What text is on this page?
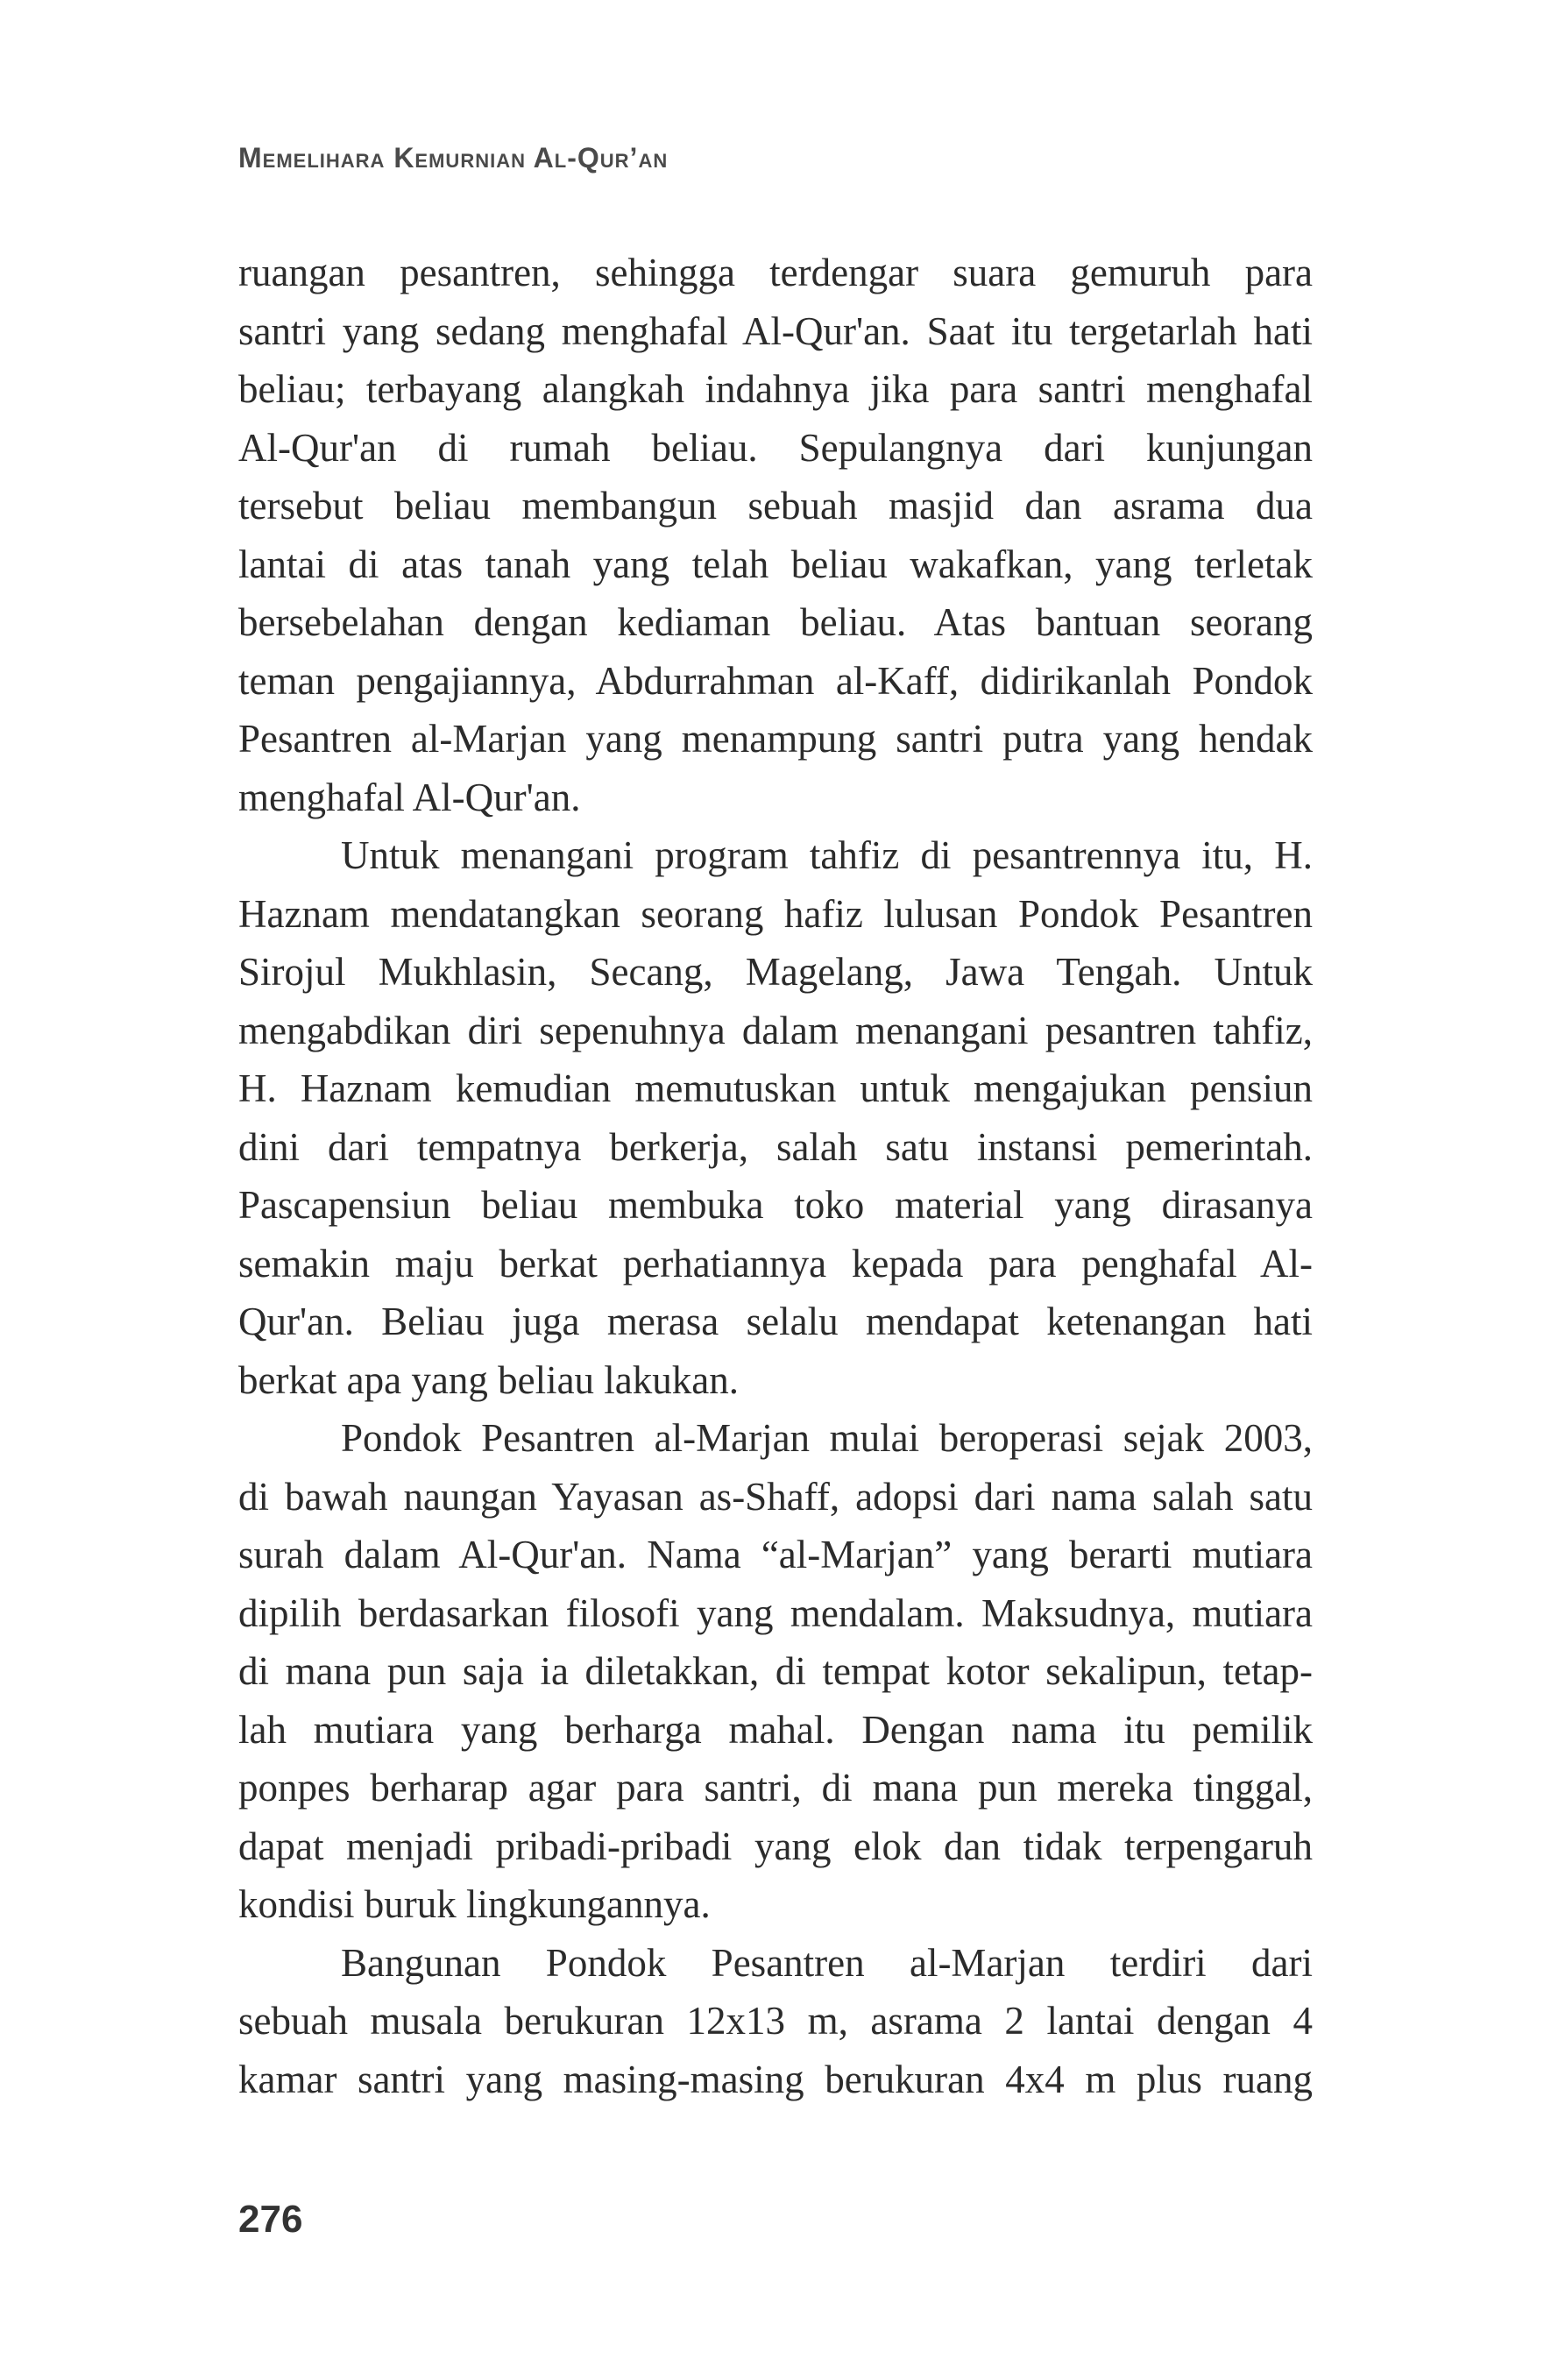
Memelihara Kemurnian Al-Qur’an
ruangan pesantren, sehingga terdengar suara gemuruh para
santri yang sedang menghafal Al-Qur'an. Saat itu tergetarlah hati
beliau; terbayang alangkah indahnya jika para santri menghafal
Al-Qur'an di rumah beliau. Sepulangnya dari kunjungan
tersebut beliau membangun sebuah masjid dan asrama dua
lantai di atas tanah yang telah beliau wakafkan, yang terletak
bersebelahan dengan kediaman beliau. Atas bantuan seorang
teman pengajiannya, Abdurrahman al-Kaff, didirikanlah Pondok
Pesantren al-Marjan yang menampung santri putra yang hendak
menghafal Al-Qur'an.
Untuk menangani program tahfiz di pesantrennya itu, H.
Haznam mendatangkan seorang hafiz lulusan Pondok Pesantren
Sirojul Mukhlasin, Secang, Magelang, Jawa Tengah. Untuk
mengabdikan diri sepenuhnya dalam menangani pesantren tahfiz,
H. Haznam kemudian memutuskan untuk mengajukan pensiun
dini dari tempatnya berkerja, salah satu instansi pemerintah.
Pascapensiun beliau membuka toko material yang dirasanya
semakin maju berkat perhatiannya kepada para penghafal Al-
Qur'an. Beliau juga merasa selalu mendapat ketenangan hati
berkat apa yang beliau lakukan.
Pondok Pesantren al-Marjan mulai beroperasi sejak 2003,
di bawah naungan Yayasan as-Shaff, adopsi dari nama salah satu
surah dalam Al-Qur'an. Nama “al-Marjan” yang berarti mutiara
dipilih berdasarkan filosofi yang mendalam. Maksudnya, mutiara
di mana pun saja ia diletakkan, di tempat kotor sekalipun, tetap-
lah mutiara yang berharga mahal. Dengan nama itu pemilik
ponpes berharap agar para santri, di mana pun mereka tinggal,
dapat menjadi pribadi-pribadi yang elok dan tidak terpengaruh
kondisi buruk lingkungannya.
Bangunan Pondok Pesantren al-Marjan terdiri dari
sebuah musala berukuran 12x13 m, asrama 2 lantai dengan 4
kamar santri yang masing-masing berukuran 4x4 m plus ruang
276
